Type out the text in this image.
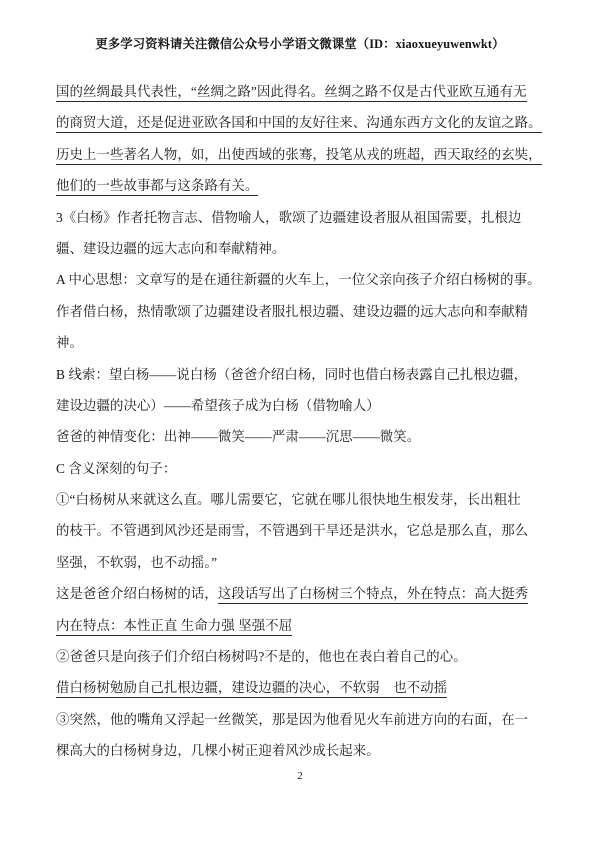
更多学习资料请关注微信公众号小学语文微课堂（ID：xiaoxueyuwenwkt）
国的丝绸最具代表性，“丝绸之路”因此得名。丝绸之路不仅是古代亚欧互通有无
的商贸大道，还是促进亚欧各国和中国的友好往来、沟通东西方文化的友谊之路。
历史上一些著名人物，如，出使西域的张骞，投笔从戎的班超，西天取经的玄奘，
他们的一些故事都与这条路有关。
3《白杨》作者托物言志、借物喻人，歌颂了边疆建设者服从祖国需要，扎根边
疆、建设边疆的远大志向和奉献精神。
A 中心思想：文章写的是在通往新疆的火车上，一位父亲向孩子介绍白杨树的事。
作者借白杨，热情歌颂了边疆建设者服扎根边疆、建设边疆的远大志向和奉献精
神。
B 线索：望白杨——说白杨（爸爸介绍白杨，同时也借白杨表露自己扎根边疆，
建设边疆的决心）——希望孩子成为白杨（借物喻人）
爸爸的神情变化：出神——微笑——严肃——沉思——微笑。
C 含义深刻的句子：
①“白杨树从来就这么直。哪儿需要它，它就在哪儿很快地生根发芽，长出粗壮
的枝干。不管遇到风沙还是雨雪，不管遇到干旱还是洪水，它总是那么直，那么
坚强，不软弱，也不动摇。”
这是爸爸介绍白杨树的话，这段话写出了白杨树三个特点，外在特点：高大挺秀
内在特点：本性正直 生命力强 坚强不屈
②爸爸只是向孩子们介绍白杨树吗?不是的，他也在表白着自己的心。
借白杨树勉励自己扎根边疆，建设边疆的决心，不软弱　也不动摇
③突然，他的嘴角又浮起一丝微笑，那是因为他看见火车前进方向的右面，在一
棵高大的白杨树身边，几棵小树正迎着风沙成长起来。
2
